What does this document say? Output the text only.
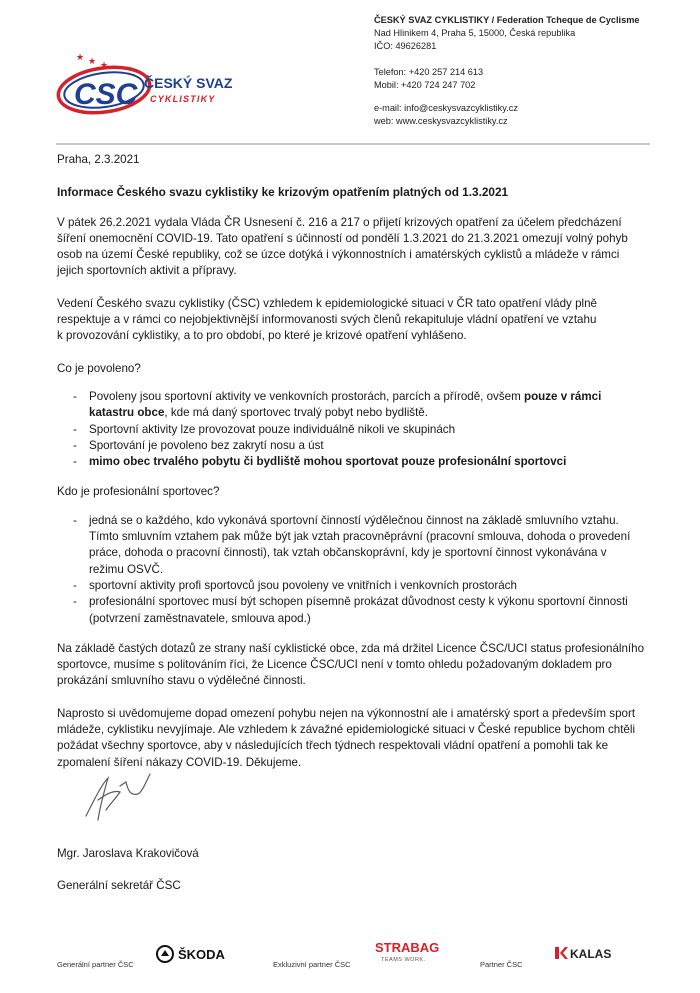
★ ★ ★
CSC ČESKÝ SVAZ
CYKLISTIKY
ČESKÝ SVAZ CYKLISTIKY / Federation Tcheque de Cyclisme
Nad Hlinikem 4, Praha 5, 15000, Česká republika
IČO: 49626281
Telefon: +420 257 214 613
Mobil: +420 724 247 702
e-mail: info@ceskysvazcyklistiky.cz
web: www.ceskysvazcyklistiky.cz
Praha, 2.3.2021
Informace Českého svazu cyklistiky ke krizovým opatřením platných od 1.3.2021

V pátek 26.2.2021 vydala Vláda ČR Usnesení č. 216 a 217 o přijetí krizových opatření za účelem předcházení
šíření onemocnění COVID-19. Tato opatření s účinností od pondělí 1.3.2021 do 21.3.2021 omezují volný pohyb
osob na území České republiky, což se úzce dotýká i výkonnostních i amatérských cyklistů a mládeže v rámci
jejich sportovních aktivit a přípravy.

Vedení Českého svazu cyklistiky (ČSC) vzhledem k epidemiologické situaci v ČR tato opatření vlády plně
respektuje a v rámci co nejobjektivnější informovanosti svých členů rekapituluje vládní opatření ve vztahu
k provozování cyklistiky, a to pro období, po které je krizové opatření vyhlášeno.

Co je povoleno?
- Povoleny jsou sportovní aktivity ve venkovních prostorách, parcích a přírodě, ovšem pouze v rámci
katastru obce, kde má daný sportovec trvalý pobyt nebo bydliště.
- Sportovní aktivity lze provozovat pouze individuálně nikoli ve skupinách
- Sportování je povoleno bez zakrytí nosu a úst
- mimo obec trvalého pobytu či bydliště mohou sportovat pouze profesionální sportovci
Kdo je profesionální sportovec?
- jedná se o každého, kdo vykonává sportovní činností výdělečnou činnost na základě smluvního vztahu.
Tímto smluvním vztahem pak může být jak vztah pracovněprávní (pracovní smlouva, dohoda o provedení
práce, dohoda o pracovní činnosti), tak vztah občanskoprávní, kdy je sportovní činnost vykonávána v
režimu OSVČ.
- sportovní aktivity profi sportovců jsou povoleny ve vnitřních i venkovních prostorách
- profesionální sportovec musí být schopen písemně prokázat důvodnost cesty k výkonu sportovní činnosti
(potvrzení zaměstnavatele, smlouva apod.)

Na základě častých dotazů ze strany naší cyklistické obce, zda má držitel Licence ČSC/UCI status profesionálního
sportovce, musíme s politováním říci, že Licence ČSC/UCI není v tomto ohledu požadovaným dokladem pro
prokázání smluvního stavu o výdělečné činnosti.

Naprosto si uvědomujeme dopad omezení pohybu nejen na výkonnostní ale i amatérský sport a především sport
mládeže, cyklistiku nevyjímaje. Ale vzhledem k závažné epidemiologické situaci v České republice bychom chtěli
požádat všechny sportovce, aby v následujících třech týdnech respektovali vládní opatření a pomohli tak ke
zpomalení šíření nákazy COVID-19. Děkujeme.

Mgr. Jaroslava Krakovičová
Generální sekretář ČSC
Generální partner ČSC
ŠKODA
Exkluzivní partner ČSC
STRABAG
TEAMS WORK.	Partner ČSC
KALAS
